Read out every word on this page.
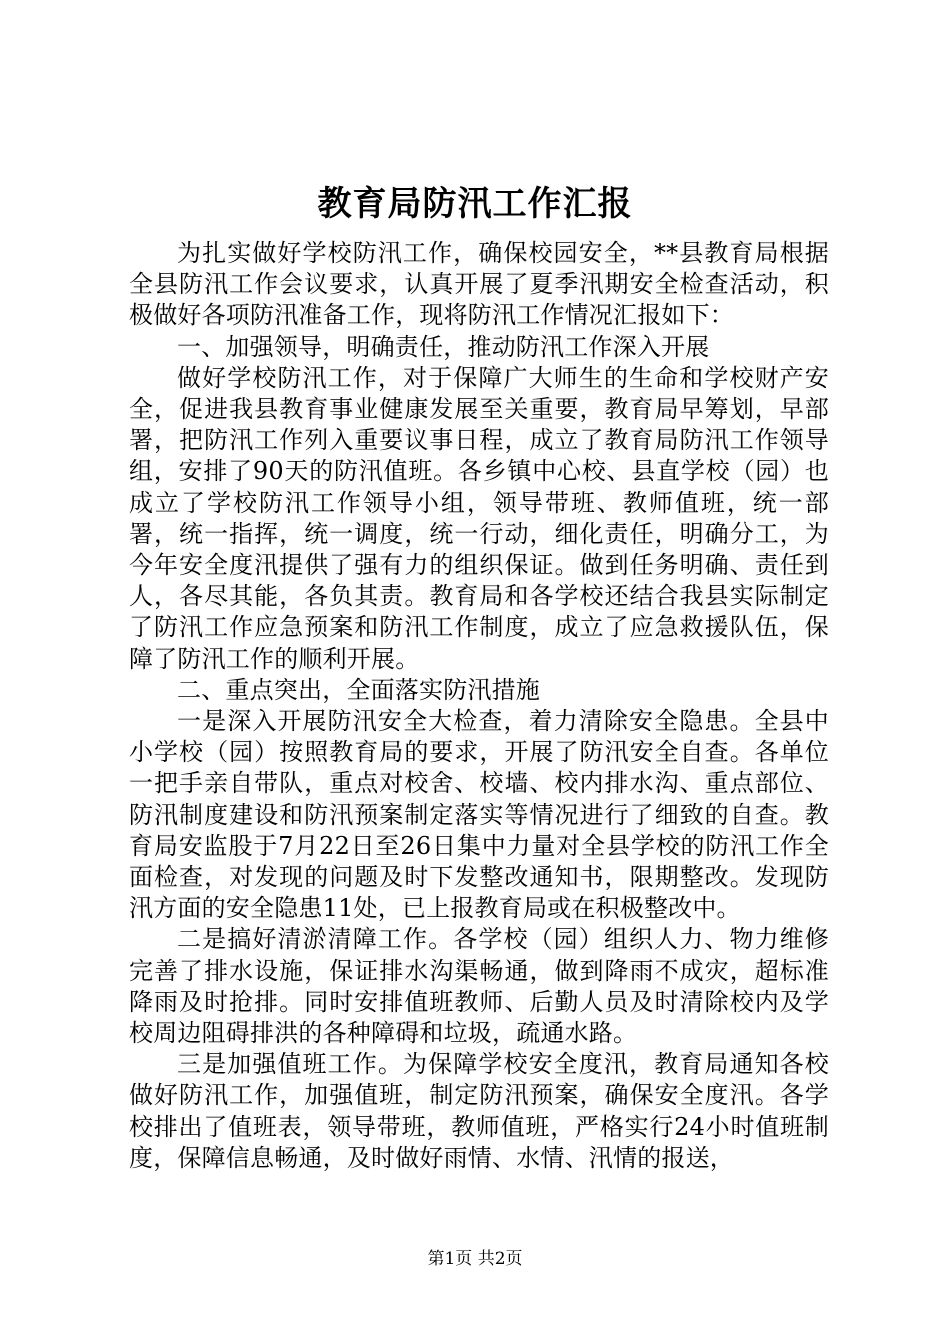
教育局防汛工作汇报

为扎实做好学校防汛工作，确保校园安全，**县教育局根据全县防汛工作会议要求，认真开展了夏季汛期安全检查活动，积极做好各项防汛准备工作，现将防汛工作情况汇报如下：

一、加强领导，明确责任，推动防汛工作深入开展

做好学校防汛工作，对于保障广大师生的生命和学校财产安全，促进我县教育事业健康发展至关重要，教育局早筹划，早部署，把防汛工作列入重要议事日程，成立了教育局防汛工作领导组，安排了90天的防汛值班。各乡镇中心校、县直学校（园）也成立了学校防汛工作领导小组，领导带班、教师值班，统一部署，统一指挥，统一调度，统一行动，细化责任，明确分工，为今年安全度汛提供了强有力的组织保证。做到任务明确、责任到人，各尽其能，各负其责。教育局和各学校还结合我县实际制定了防汛工作应急预案和防汛工作制度，成立了应急救援队伍，保障了防汛工作的顺利开展。

二、重点突出，全面落实防汛措施

一是深入开展防汛安全大检查，着力清除安全隐患。全县中小学校（园）按照教育局的要求，开展了防汛安全自查。各单位一把手亲自带队，重点对校舍、校墙、校内排水沟、重点部位、防汛制度建设和防汛预案制定落实等情况进行了细致的自查。教育局安监股于7月22日至26日集中力量对全县学校的防汛工作全面检查，对发现的问题及时下发整改通知书，限期整改。发现防汛方面的安全隐患11处，已上报教育局或在积极整改中。

二是搞好清淤清障工作。各学校（园）组织人力、物力维修完善了排水设施，保证排水沟渠畅通，做到降雨不成灾，超标准降雨及时抢排。同时安排值班教师、后勤人员及时清除校内及学校周边阻碍排洪的各种障碍和垃圾，疏通水路。

三是加强值班工作。为保障学校安全度汛，教育局通知各校做好防汛工作，加强值班，制定防汛预案，确保安全度汛。各学校排出了值班表，领导带班，教师值班，严格实行24小时值班制度，保障信息畅通，及时做好雨情、水情、汛情的报送，

第1页 共2页
